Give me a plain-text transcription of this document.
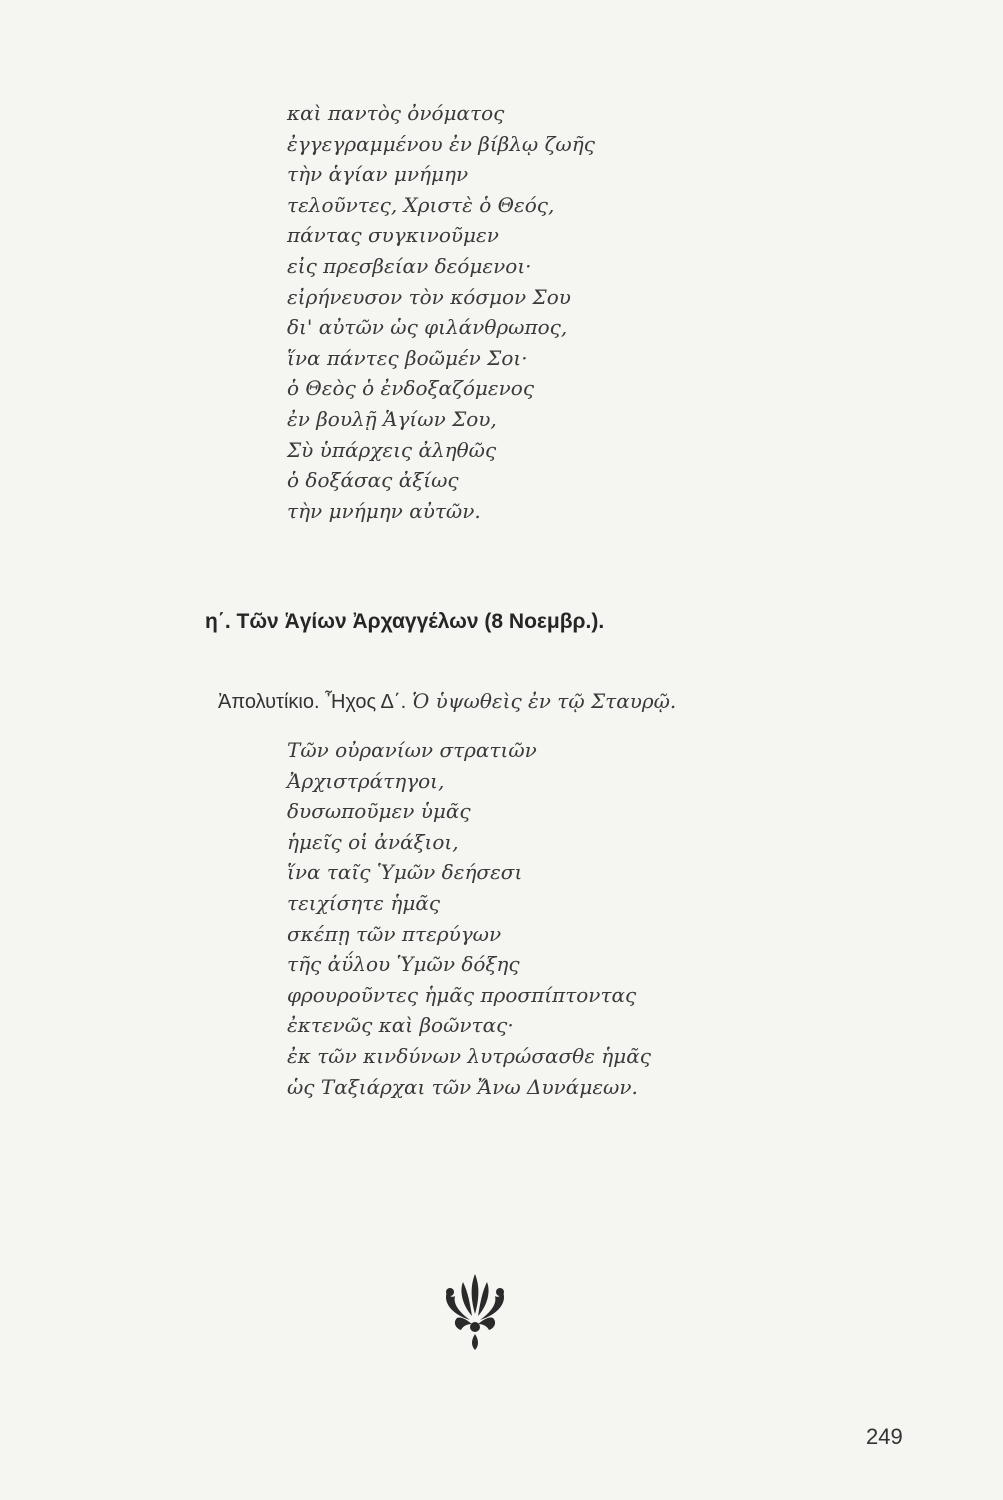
καὶ παντὸς ὀνόματος
ἐγγεγραμμένου ἐν βίβλῳ ζωῆς
τὴν ἁγίαν μνήμην
τελοῦντες, Χριστὲ ὁ Θεός,
πάντας συγκινοῦμεν
εἰς πρεσβείαν δεόμενοι·
εἰρήνευσον τὸν κόσμον Σου
δι' αὐτῶν ὡς φιλάνθρωπος,
ἵνα πάντες βοῶμέν Σοι·
ὁ Θεὸς ὁ ἐνδοξαζόμενος
ἐν βουλῇ Ἁγίων Σου,
Σὺ ὑπάρχεις ἀληθῶς
ὁ δοξάσας ἀξίως
τὴν μνήμην αὐτῶν.
η΄. Τῶν Ἁγίων Ἀρχαγγέλων (8 Νοεμβρ.).
Ἀπολυτίκιο. Ἦχος Δ΄. Ὁ ὑψωθεὶς ἐν τῷ Σταυρῷ.
Τῶν οὐρανίων στρατιῶν
Ἀρχιστράτηγοι,
δυσωποῦμεν ὑμᾶς
ἡμεῖς οἱ ἀνάξιοι,
ἵνα ταῖς Ὑμῶν δεήσεσι
τειχίσητε ἡμᾶς
σκέπῃ τῶν πτερύγων
τῆς ἀΰλου Ὑμῶν δόξης
φρουροῦντες ἡμᾶς προσπίπτοντας
ἐκτενῶς καὶ βοῶντας·
ἐκ τῶν κινδύνων λυτρώσασθε ἡμᾶς
ὡς Ταξιάρχαι τῶν Ἄνω Δυνάμεων.
249
